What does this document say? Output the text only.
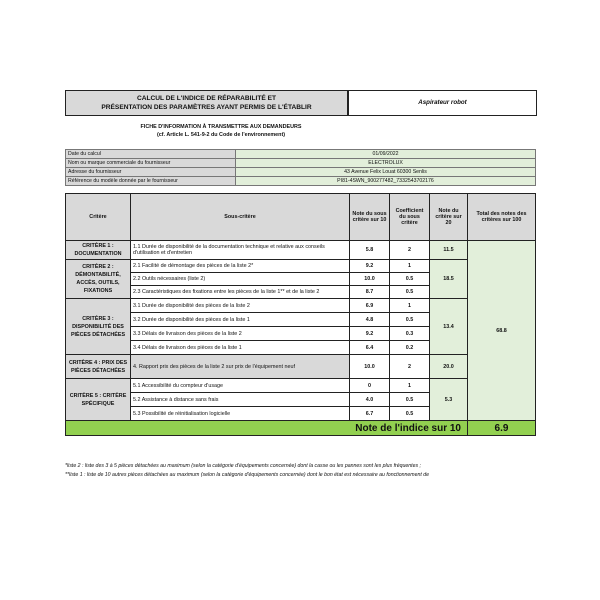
CALCUL DE L'INDICE DE RÉPARABILITÉ ET
PRÉSENTATION DES PARAMÈTRES AYANT PERMIS DE L'ÉTABLIR
Aspirateur robot
FICHE D'INFORMATION À TRANSMETTRE AUX DEMANDEURS
(cf. Article L. 541-9-2 du Code de l'environnement)
Date du calcul	01/09/2022
Nom ou marque commerciale du fournisseur	ELECTROLUX
Adresse du fournisseur	43 Avenue Felix Louat 60300 Senlis
Référence du modèle donnée par le fournisseur	PI81-4SWN_900277482_7332543702176
Critère	Sous-critère	Note du sous critère sur 10	Coefficient du sous critère	Note du critère sur 20	Total des notes des critères sur 100
CRITÈRE 1 : DOCUMENTATION	1.1 Durée de disponibilité de la documentation technique et relative aux conseils d'utilisation et d'entretien	5.8	2	11.5	68.8
CRITÈRE 2 : DÉMONTABILITÉ, ACCÈS, OUTILS, FIXATIONS	2.1 Facilité de démontage des pièces de la liste 2*	9.2	1	18.5	
	2.2 Outils nécessaires (liste 2)	10.0	0.5		
	2.3 Caractéristiques des fixations entre les pièces de la liste 1** et de la liste 2	8.7	0.5		
CRITÈRE 3 : DISPONIBILITÉ DES PIÈCES DÉTACHÉES	3.1 Durée de disponibilité des pièces de la liste 2	6.9	1	13.4	
	3.2 Durée de disponibilité des pièces de la liste 1	4.8	0.5		
	3.3 Délais de livraison des pièces de la liste 2	9.2	0.3		
	3.4 Délais de livraison des pièces de la liste 1	6.4	0.2		
CRITÈRE 4 : PRIX DES PIÈCES DÉTACHÉES	4. Rapport prix des pièces de la liste 2 sur prix de l'équipement neuf	10.0	2	20.0	
CRITÈRE 5 : CRITÈRE SPÉCIFIQUE	5.1 Accessibilité du compteur d'usage	0	1	5.3	
	5.2 Assistance à distance sans frais	4.0	0.5		
	5.3 Possibilité de réinitialisation logicielle	6.7	0.5		
Note de l'indice sur 10					6.9
*liste 2 : liste des 3 à 5 pièces détachées au maximum (selon la catégorie d'équipements concernée) dont la casse ou les pannes sont les plus fréquentes ;
**liste 1 : liste de 10 autres pièces détachées au maximum (selon la catégorie d'équipements concernée) dont le bon état est nécessaire au fonctionnement de
